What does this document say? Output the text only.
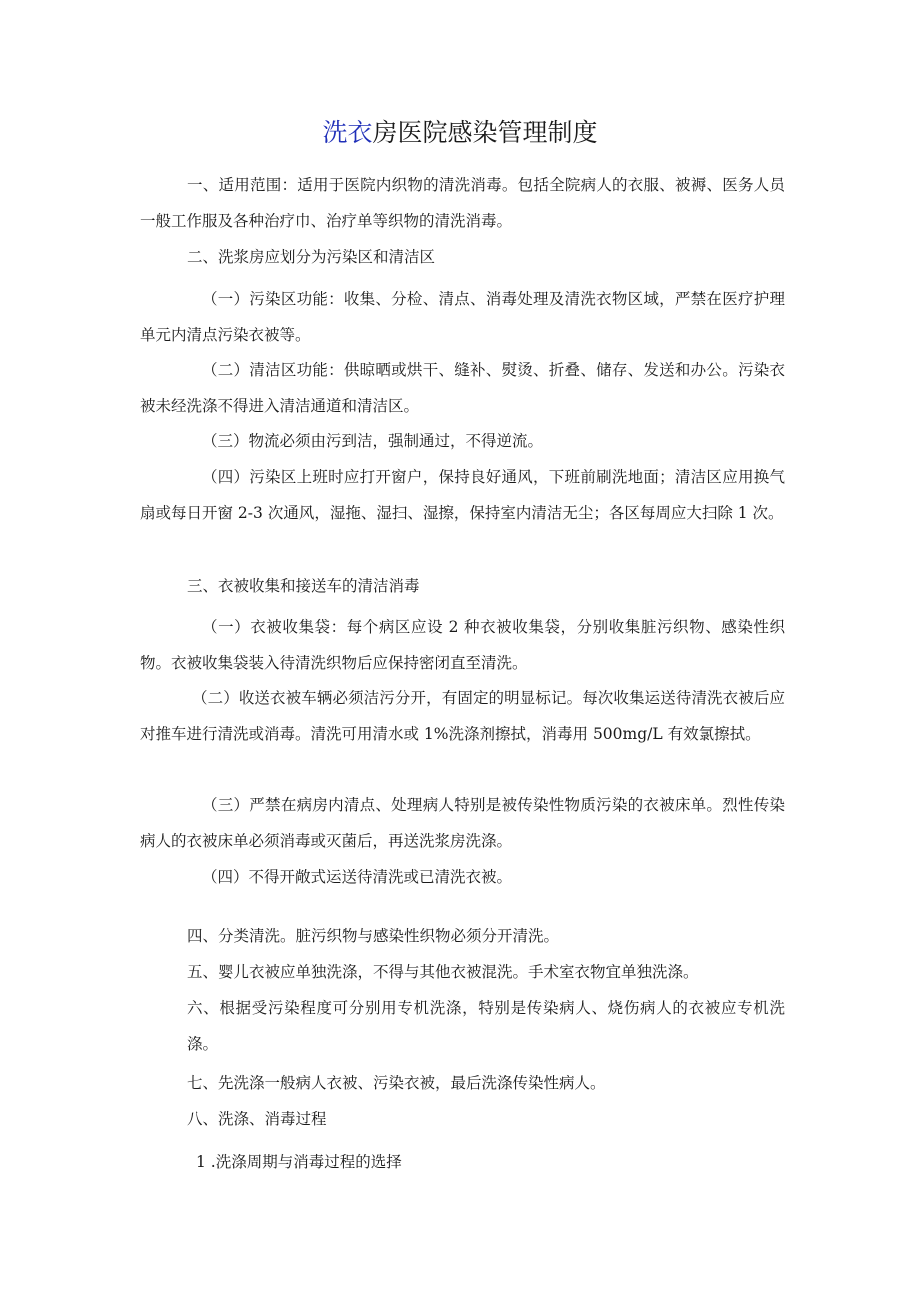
洗衣房医院感染管理制度
一、适用范围：适用于医院内织物的清洗消毒。包括全院病人的衣服、被褥、医务人员一般工作服及各种治疗巾、治疗单等织物的清洗消毒。
二、洗浆房应划分为污染区和清洁区
（一）污染区功能：收集、分检、清点、消毒处理及清洗衣物区域，严禁在医疗护理单元内清点污染衣被等。
（二）清洁区功能：供晾晒或烘干、缝补、熨烫、折叠、储存、发送和办公。污染衣被未经洗涤不得进入清洁通道和清洁区。
（三）物流必须由污到洁，强制通过，不得逆流。
（四）污染区上班时应打开窗户，保持良好通风，下班前刷洗地面；清洁区应用换气扇或每日开窗 2-3 次通风，湿拖、湿扫、湿擦，保持室内清洁无尘；各区每周应大扫除 1 次。
三、衣被收集和接送车的清洁消毒
（一）衣被收集袋：每个病区应设 2 种衣被收集袋，分别收集脏污织物、感染性织物。衣被收集袋装入待清洗织物后应保持密闭直至清洗。
（二）收送衣被车辆必须洁污分开，有固定的明显标记。每次收集运送待清洗衣被后应对推车进行清洗或消毒。清洗可用清水或 1%洗涤剂擦拭，消毒用 500mg/L 有效氯擦拭。
（三）严禁在病房内清点、处理病人特别是被传染性物质污染的衣被床单。烈性传染病人的衣被床单必须消毒或灭菌后，再送洗浆房洗涤。
（四）不得开敞式运送待清洗或已清洗衣被。
四、分类清洗。脏污织物与感染性织物必须分开清洗。
五、婴儿衣被应单独洗涤，不得与其他衣被混洗。手术室衣物宜单独洗涤。
六、根据受污染程度可分别用专机洗涤，特别是传染病人、烧伤病人的衣被应专机洗涤。
七、先洗涤一般病人衣被、污染衣被，最后洗涤传染性病人。
八、洗涤、消毒过程
1 .洗涤周期与消毒过程的选择
